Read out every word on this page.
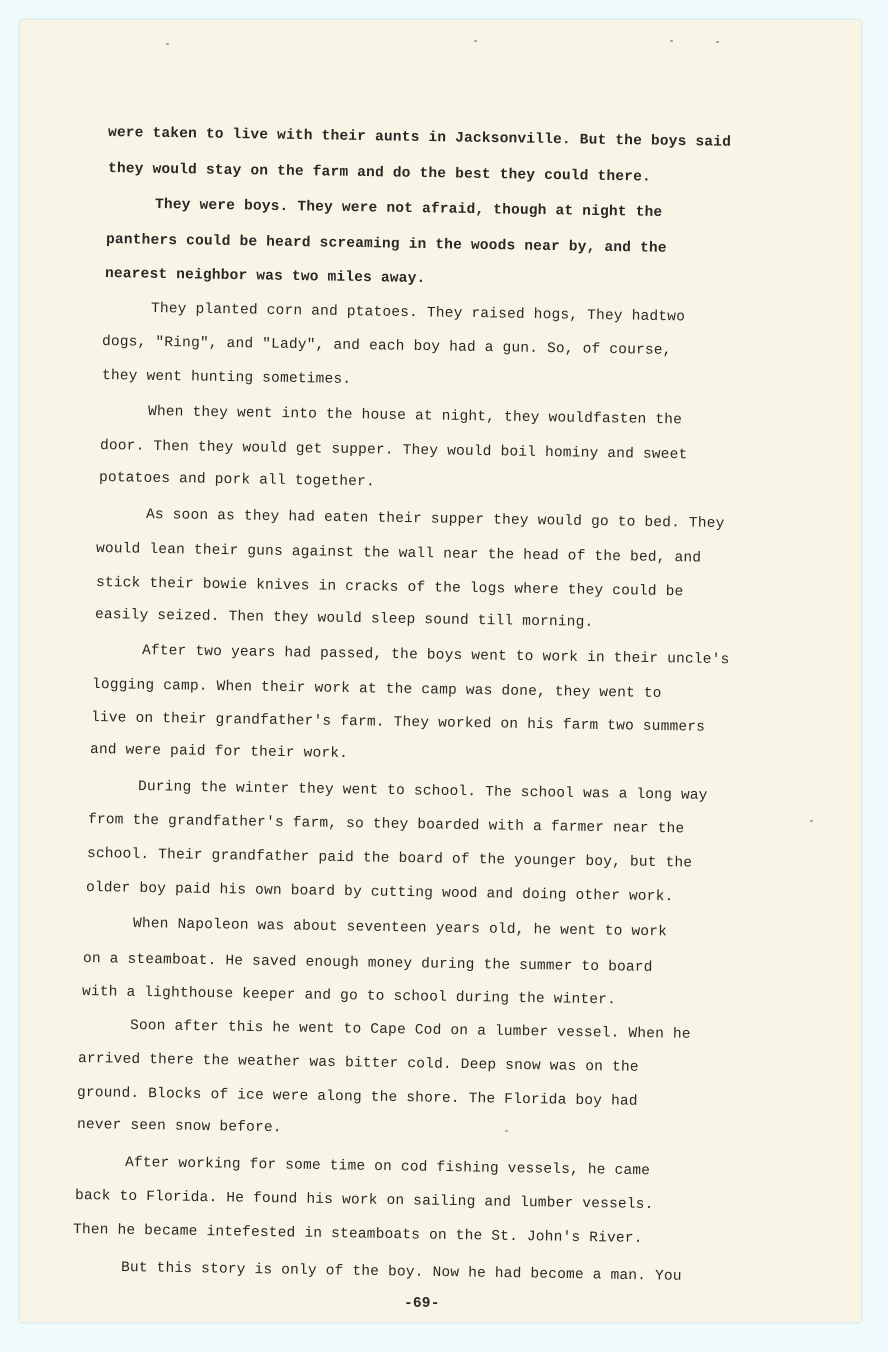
were taken to live with their aunts in Jacksonville. But the boys said
they would stay on the farm and do the best they could there.
They were boys. They were not afraid, though at night the
panthers could be heard screaming in the woods near by, and the
nearest neighbor was two miles away.
They planted corn and ptatoes. They raised hogs, They hadtwo
dogs, "Ring", and "Lady", and each boy had a gun. So, of course,
they went hunting sometimes.
When they went into the house at night, they wouldfasten the
door. Then they would get supper. They would boil hominy and sweet
potatoes and pork all together.
As soon as they had eaten their supper they would go to bed. They
would lean their guns against the wall near the head of the bed, and
stick their bowie knives in cracks of the logs where they could be
easily seized. Then they would sleep sound till morning.
After two years had passed, the boys went to work in their uncle's
logging camp. When their work at the camp was done, they went to
live on their grandfather's farm. They worked on his farm two summers
and were paid for their work.
During the winter they went to school. The school was a long way
from the grandfather's farm, so they boarded with a farmer near the
school. Their grandfather paid the board of the younger boy, but the
older boy paid his own board by cutting wood and doing other work.
When Napoleon was about seventeen years old, he went to work
on a steamboat. He saved enough money during the summer to board
with a lighthouse keeper and go to school during the winter.
Soon after this he went to Cape Cod on a lumber vessel. When he
arrived there the weather was bitter cold. Deep snow was on the
ground. Blocks of ice were along the shore. The Florida boy had
never seen snow before.
After working for some time on cod fishing vessels, he came
back to Florida. He found his work on sailing and lumber vessels.
Then he became intefested in steamboats on the St. John's River.
But this story is only of the boy. Now he had become a man. You
-69-
